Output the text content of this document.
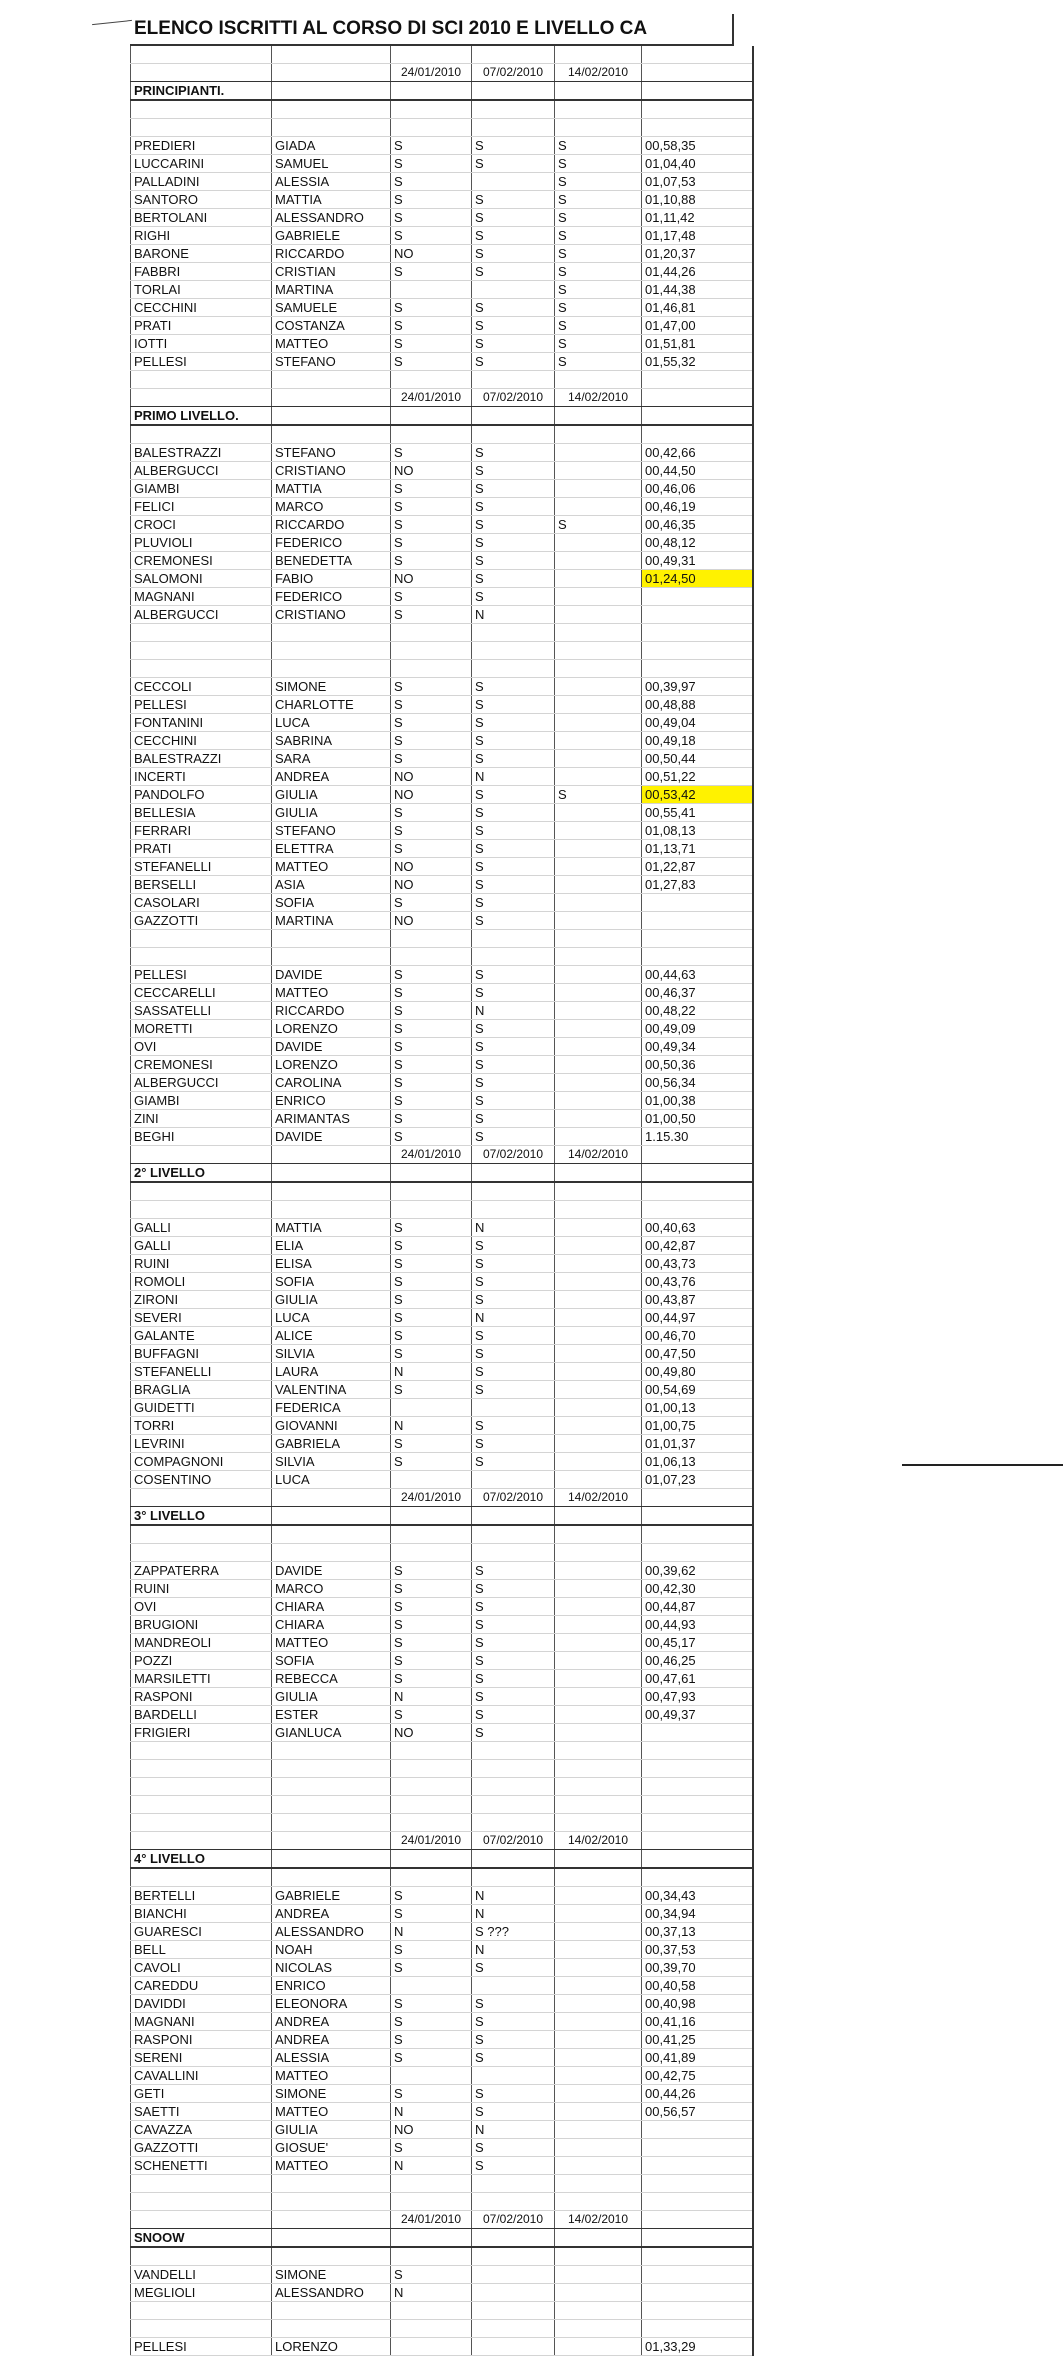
ELENCO ISCRITTI AL CORSO DI SCI 2010 E LIVELLO CA

		24/01/2010	07/02/2010	14/02/2010	
PRINCIPIANTI.					

PREDIERI	GIADA	S	S	S	00,58,35
LUCCARINI	SAMUEL	S	S	S	01,04,40
PALLADINI	ALESSIA	S		S	01,07,53
SANTORO	MATTIA	S	S	S	01,10,88
BERTOLANI	ALESSANDRO	S	S	S	01,11,42
RIGHI	GABRIELE	S	S	S	01,17,48
BARONE	RICCARDO	NO	S	S	01,20,37
FABBRI	CRISTIAN	S	S	S	01,44,26
TORLAI	MARTINA			S	01,44,38
CECCHINI	SAMUELE	S	S	S	01,46,81
PRATI	COSTANZA	S	S	S	01,47,00
IOTTI	MATTEO	S	S	S	01,51,81
PELLESI	STEFANO	S	S	S	01,55,32

		24/01/2010	07/02/2010	14/02/2010	
PRIMO LIVELLO.					

BALESTRAZZI	STEFANO	S	S		00,42,66
ALBERGUCCI	CRISTIANO	NO	S		00,44,50
GIAMBI	MATTIA	S	S		00,46,06
FELICI	MARCO	S	S		00,46,19
CROCI	RICCARDO	S	S	S	00,46,35
PLUVIOLI	FEDERICO	S	S		00,48,12
CREMONESI	BENEDETTA	S	S		00,49,31
SALOMONI	FABIO	NO	S		01,24,50
MAGNANI	FEDERICO	S	S		
ALBERGUCCI	CRISTIANO	S	N		

CECCOLI	SIMONE	S	S		00,39,97
PELLESI	CHARLOTTE	S	S		00,48,88
FONTANINI	LUCA	S	S		00,49,04
CECCHINI	SABRINA	S	S		00,49,18
BALESTRAZZI	SARA	S	S		00,50,44
INCERTI	ANDREA	NO	N		00,51,22
PANDOLFO	GIULIA	NO	S	S	00,53,42
BELLESIA	GIULIA	S	S		00,55,41
FERRARI	STEFANO	S	S		01,08,13
PRATI	ELETTRA	S	S		01,13,71
STEFANELLI	MATTEO	NO	S		01,22,87
BERSELLI	ASIA	NO	S		01,27,83
CASOLARI	SOFIA	S	S		
GAZZOTTI	MARTINA	NO	S		

PELLESI	DAVIDE	S	S		00,44,63
CECCARELLI	MATTEO	S	S		00,46,37
SASSATELLI	RICCARDO	S	N		00,48,22
MORETTI	LORENZO	S	S		00,49,09
OVI	DAVIDE	S	S		00,49,34
CREMONESI	LORENZO	S	S		00,50,36
ALBERGUCCI	CAROLINA	S	S		00,56,34
GIAMBI	ENRICO	S	S		01,00,38
ZINI	ARIMANTAS	S	S		01,00,50
BEGHI	DAVIDE	S	S		1.15.30
		24/01/2010	07/02/2010	14/02/2010	
2° LIVELLO					

GALLI	MATTIA	S	N		00,40,63
GALLI	ELIA	S	S		00,42,87
RUINI	ELISA	S	S		00,43,73
ROMOLI	SOFIA	S	S		00,43,76
ZIRONI	GIULIA	S	S		00,43,87
SEVERI	LUCA	S	N		00,44,97
GALANTE	ALICE	S	S		00,46,70
BUFFAGNI	SILVIA	S	S		00,47,50
STEFANELLI	LAURA	N	S		00,49,80
BRAGLIA	VALENTINA	S	S		00,54,69
GUIDETTI	FEDERICA				01,00,13
TORRI	GIOVANNI	N	S		01,00,75
LEVRINI	GABRIELA	S	S		01,01,37
COMPAGNONI	SILVIA	S	S		01,06,13
COSENTINO	LUCA				01,07,23
		24/01/2010	07/02/2010	14/02/2010	
3° LIVELLO					

ZAPPATERRA	DAVIDE	S	S		00,39,62
RUINI	MARCO	S	S		00,42,30
OVI	CHIARA	S	S		00,44,87
BRUGIONI	CHIARA	S	S		00,44,93
MANDREOLI	MATTEO	S	S		00,45,17
POZZI	SOFIA	S	S		00,46,25
MARSILETTI	REBECCA	S	S		00,47,61
RASPONI	GIULIA	N	S		00,47,93
BARDELLI	ESTER	S	S		00,49,37
FRIGIERI	GIANLUCA	NO	S		

		24/01/2010	07/02/2010	14/02/2010	
4° LIVELLO					

BERTELLI	GABRIELE	S	N		00,34,43
BIANCHI	ANDREA	S	N		00,34,94
GUARESCI	ALESSANDRO	N	S ???		00,37,13
BELL	NOAH	S	N		00,37,53
CAVOLI	NICOLAS	S	S		00,39,70
CAREDDU	ENRICO				00,40,58
DAVIDDI	ELEONORA	S	S		00,40,98
MAGNANI	ANDREA	S	S		00,41,16
RASPONI	ANDREA	S	S		00,41,25
SERENI	ALESSIA	S	S		00,41,89
CAVALLINI	MATTEO				00,42,75
GETI	SIMONE	S	S		00,44,26
SAETTI	MATTEO	N	S		00,56,57
CAVAZZA	GIULIA	NO	N		
GAZZOTTI	GIOSUE'	S	S		
SCHENETTI	MATTEO	N	S		

		24/01/2010	07/02/2010	14/02/2010	
SNOOW					

VANDELLI	SIMONE	S			
MEGLIOLI	ALESSANDRO	N			

PELLESI	LORENZO				01,33,29
